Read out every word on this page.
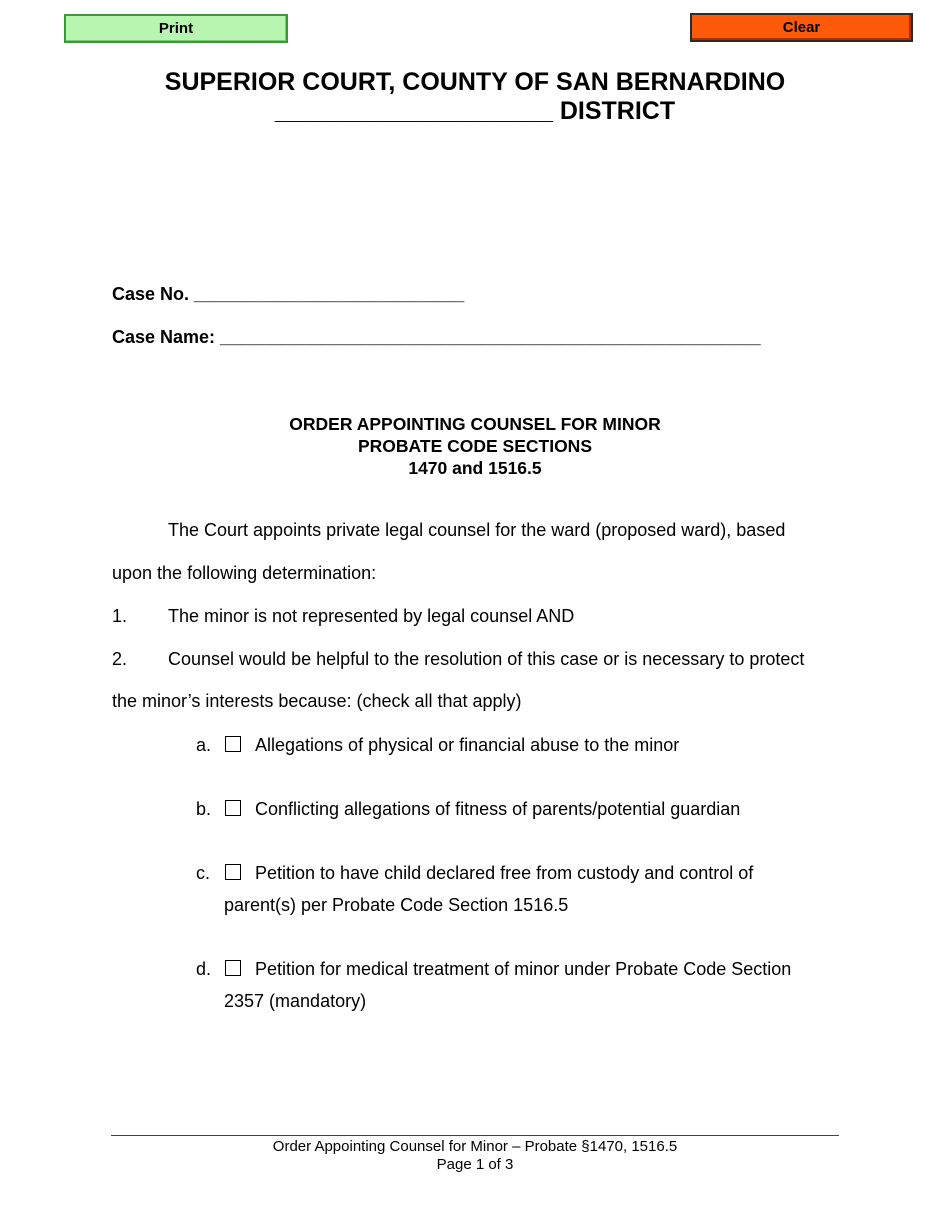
Print	Clear
SUPERIOR COURT, COUNTY OF SAN BERNARDINO
____________________ DISTRICT
Case No. ___________________________
Case Name: ______________________________________________________
ORDER APPOINTING COUNSEL FOR MINOR
PROBATE CODE SECTIONS
1470 and 1516.5
The Court appoints private legal counsel for the ward (proposed ward), based
upon the following determination:
1. The minor is not represented by legal counsel AND
2. Counsel would be helpful to the resolution of this case or is necessary to protect
the minor’s interests because: (check all that apply)
a. Allegations of physical or financial abuse to the minor
b. Conflicting allegations of fitness of parents/potential guardian
c. Petition to have child declared free from custody and control of
parent(s) per Probate Code Section 1516.5
d. Petition for medical treatment of minor under Probate Code Section
2357 (mandatory)
Order Appointing Counsel for Minor – Probate §1470, 1516.5
Page 1 of 3
